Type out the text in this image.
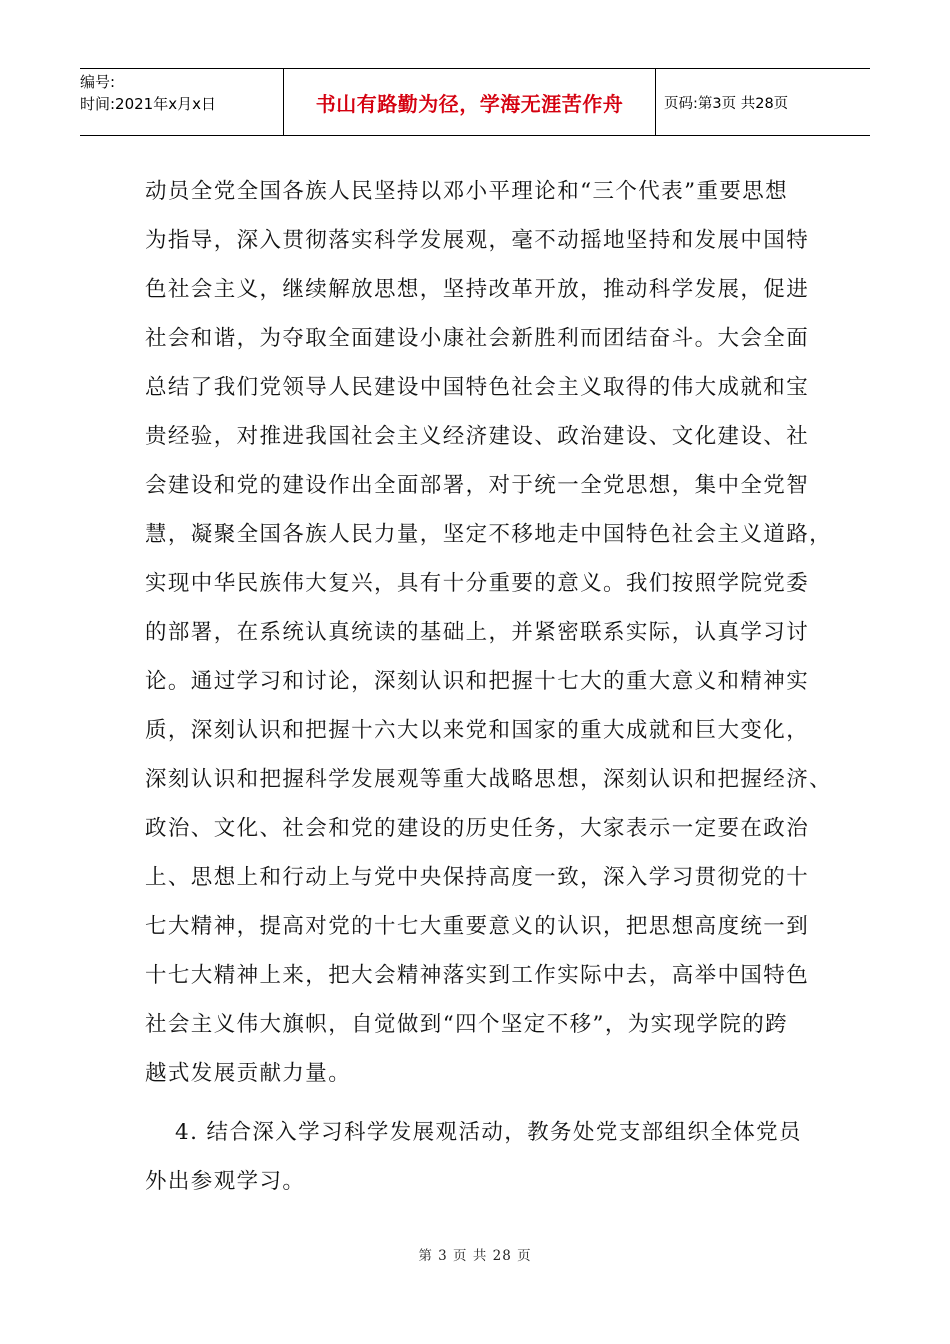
编号:
时间:2021年x月x日	书山有路勤为径，学海无涯苦作舟	页码:第3页 共28页
动员全党全国各族人民坚持以邓小平理论和“三个代表”重要思想
为指导，深入贯彻落实科学发展观，毫不动摇地坚持和发展中国特
色社会主义，继续解放思想，坚持改革开放，推动科学发展，促进
社会和谐，为夺取全面建设小康社会新胜利而团结奋斗。大会全面
总结了我们党领导人民建设中国特色社会主义取得的伟大成就和宝
贵经验，对推进我国社会主义经济建设、政治建设、文化建设、社
会建设和党的建设作出全面部署，对于统一全党思想，集中全党智
慧，凝聚全国各族人民力量，坚定不移地走中国特色社会主义道路，
实现中华民族伟大复兴，具有十分重要的意义。我们按照学院党委
的部署，在系统认真统读的基础上，并紧密联系实际，认真学习讨
论。通过学习和讨论，深刻认识和把握十七大的重大意义和精神实
质，深刻认识和把握十六大以来党和国家的重大成就和巨大变化，
深刻认识和把握科学发展观等重大战略思想，深刻认识和把握经济、
政治、文化、社会和党的建设的历史任务，大家表示一定要在政治
上、思想上和行动上与党中央保持高度一致，深入学习贯彻党的十
七大精神，提高对党的十七大重要意义的认识，把思想高度统一到
十七大精神上来，把大会精神落实到工作实际中去，高举中国特色
社会主义伟大旗帜，自觉做到“四个坚定不移”，为实现学院的跨
越式发展贡献力量。
4. 结合深入学习科学发展观活动，教务处党支部组织全体党员
外出参观学习。
第 3 页 共 28 页
